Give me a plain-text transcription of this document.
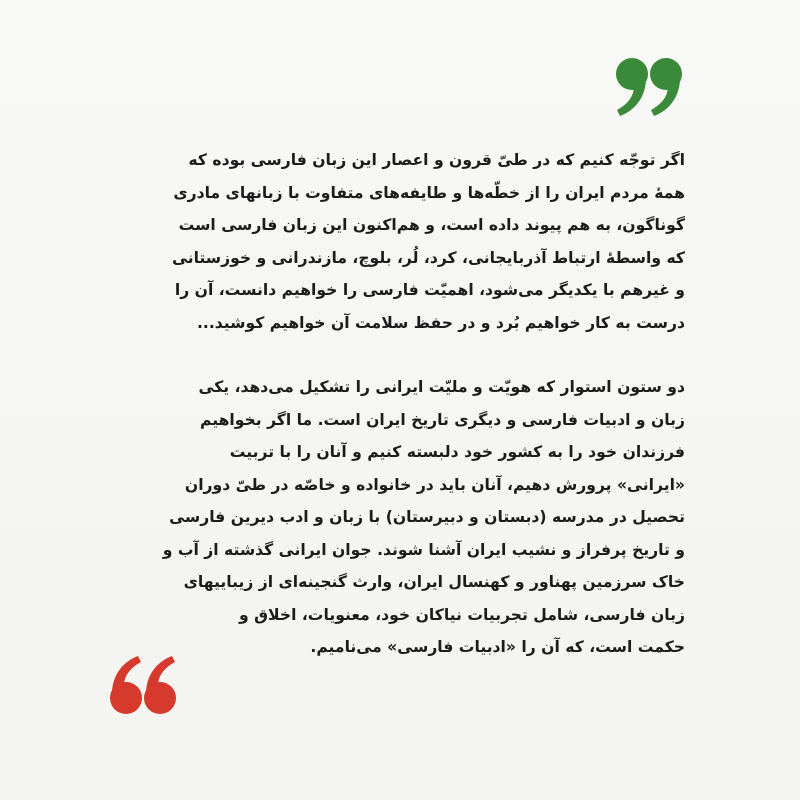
اگر توجّه کنیم که در طیّ قرون و اعصار این زبان فارسی بوده که
همهٔ مردم ایران را از خطّه‌ها و طایفه‌های متفاوت با زبانهای مادری
گوناگون، به هم پیوند داده است، و هم‌اکنون این زبان فارسی است
که واسطهٔ ارتباط آذربایجانی، کرد، لُر، بلوچ، مازندرانی و خوزستانی
و غیرهم با یکدیگر می‌شود، اهمیّت فارسی را خواهیم دانست، آن را
درست به کار خواهیم بُرد و در حفظ سلامت آن خواهیم کوشید...
دو ستون استوار که هویّت و ملیّت ایرانی را تشکیل می‌دهد، یکی
زبان و ادبیات فارسی و دیگری تاریخ ایران است. ما اگر بخواهیم
فرزندان خود را به کشور خود دلبسته کنیم و آنان را با تربیت
«ایرانی» پرورش دهیم، آنان باید در خانواده و خاصّه در طیّ دوران
تحصیل در مدرسه (دبستان و دبیرستان) با زبان و ادب دیرین فارسی
و تاریخ پرفراز و نشیب ایران آشنا شوند. جوان ایرانی گذشته از آب و
خاک سرزمین پهناور و کهنسال ایران، وارث گنجینه‌ای از زیباییهای
زبان فارسی، شامل تجربیات نیاکان خود، معنویات، اخلاق و
حکمت است، که آن را «ادبیات فارسی» می‌نامیم.
